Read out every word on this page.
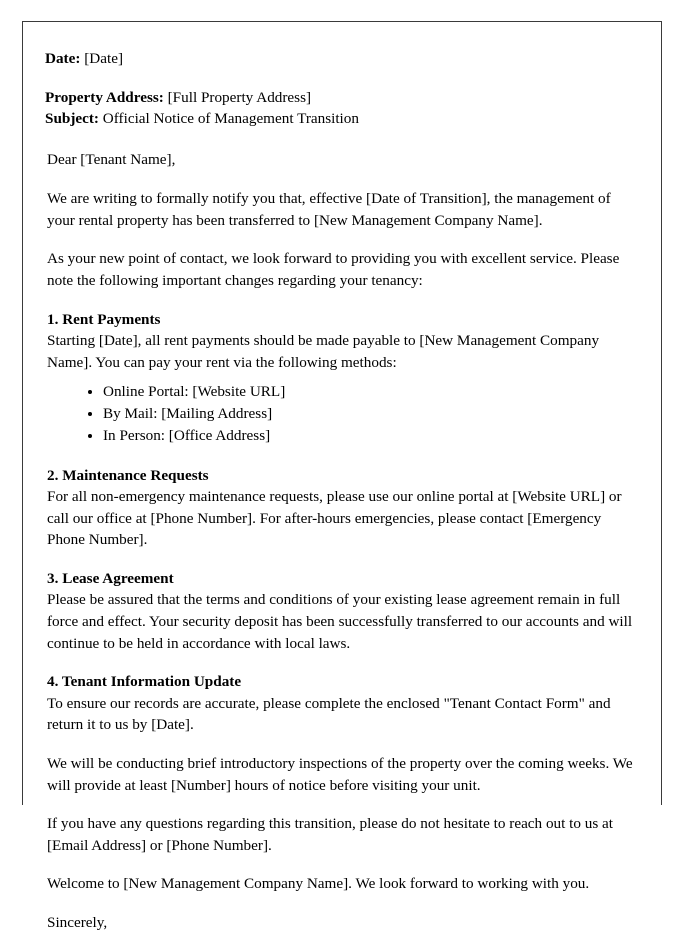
Date: [Date]

Property Address: [Full Property Address]

Subject: Official Notice of Management Transition

Dear [Tenant Name],

We are writing to formally notify you that, effective [Date of Transition], the management of your rental property has been transferred to [New Management Company Name].

As your new point of contact, we look forward to providing you with excellent service. Please note the following important changes regarding your tenancy:

1. Rent Payments

Starting [Date], all rent payments should be made payable to [New Management Company Name]. You can pay your rent via the following methods:

• Online Portal: [Website URL]
• By Mail: [Mailing Address]
• In Person: [Office Address]

2. Maintenance Requests

For all non-emergency maintenance requests, please use our online portal at [Website URL] or call our office at [Phone Number]. For after-hours emergencies, please contact [Emergency Phone Number].

3. Lease Agreement

Please be assured that the terms and conditions of your existing lease agreement remain in full force and effect. Your security deposit has been successfully transferred to our accounts and will continue to be held in accordance with local laws.

4. Tenant Information Update

To ensure our records are accurate, please complete the enclosed "Tenant Contact Form" and return it to us by [Date].

We will be conducting brief introductory inspections of the property over the coming weeks. We will provide at least [Number] hours of notice before visiting your unit.

If you have any questions regarding this transition, please do not hesitate to reach out to us at [Email Address] or [Phone Number].

Welcome to [New Management Company Name]. We look forward to working with you.

Sincerely,
